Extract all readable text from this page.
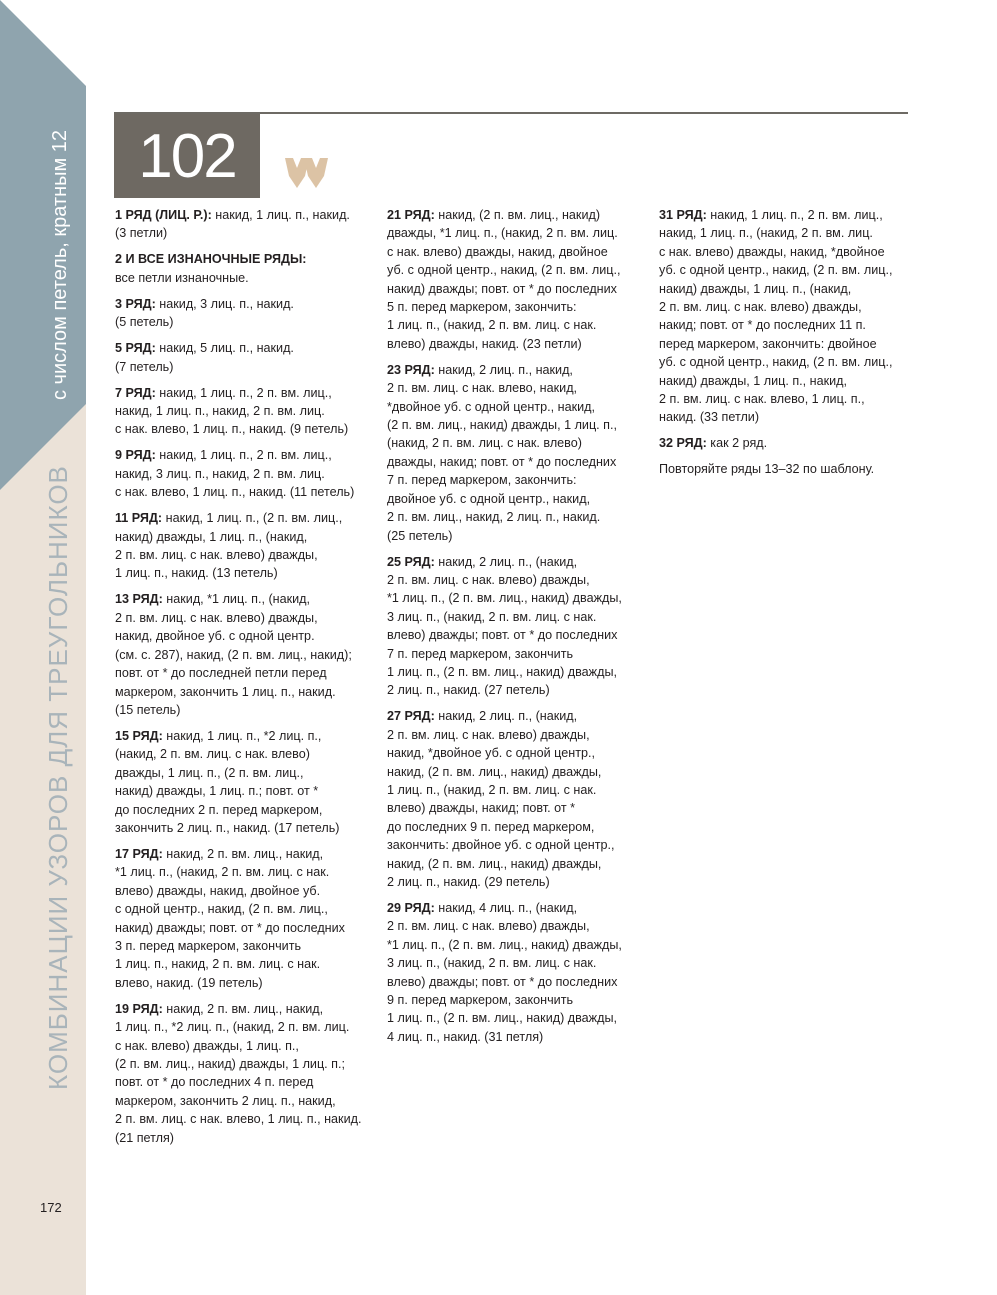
с числом петель, кратным 12
КОМБИНАЦИИ УЗОРОВ ДЛЯ ТРЕУГОЛЬНИКОВ
102

1 РЯД (ЛИЦ. Р.): накид, 1 лиц. п., накид.
(3 петли)

2 И ВСЕ ИЗНАНОЧНЫЕ РЯДЫ:
все петли изнаночные.

3 РЯД: накид, 3 лиц. п., накид.
(5 петель)

5 РЯД: накид, 5 лиц. п., накид.
(7 петель)

7 РЯД: накид, 1 лиц. п., 2 п. вм. лиц.,
накид, 1 лиц. п., накид, 2 п. вм. лиц.
с нак. влево, 1 лиц. п., накид. (9 петель)

9 РЯД: накид, 1 лиц. п., 2 п. вм. лиц.,
накид, 3 лиц. п., накид, 2 п. вм. лиц.
с нак. влево, 1 лиц. п., накид. (11 петель)

11 РЯД: накид, 1 лиц. п., (2 п. вм. лиц.,
накид) дважды, 1 лиц. п., (накид,
2 п. вм. лиц. с нак. влево) дважды,
1 лиц. п., накид. (13 петель)

13 РЯД: накид, *1 лиц. п., (накид,
2 п. вм. лиц. с нак. влево) дважды,
накид, двойное уб. с одной центр.
(см. с. 287), накид, (2 п. вм. лиц., накид);
повт. от * до последней петли перед
маркером, закончить 1 лиц. п., накид.
(15 петель)

15 РЯД: накид, 1 лиц. п., *2 лиц. п.,
(накид, 2 п. вм. лиц. с нак. влево)
дважды, 1 лиц. п., (2 п. вм. лиц.,
накид) дважды, 1 лиц. п.; повт. от *
до последних 2 п. перед маркером,
закончить 2 лиц. п., накид. (17 петель)

17 РЯД: накид, 2 п. вм. лиц., накид,
*1 лиц. п., (накид, 2 п. вм. лиц. с нак.
влево) дважды, накид, двойное уб.
с одной центр., накид, (2 п. вм. лиц.,
накид) дважды; повт. от * до последних
3 п. перед маркером, закончить
1 лиц. п., накид, 2 п. вм. лиц. с нак.
влево, накид. (19 петель)

19 РЯД: накид, 2 п. вм. лиц., накид,
1 лиц. п., *2 лиц. п., (накид, 2 п. вм. лиц.
с нак. влево) дважды, 1 лиц. п.,
(2 п. вм. лиц., накид) дважды, 1 лиц. п.;
повт. от * до последних 4 п. перед
маркером, закончить 2 лиц. п., накид,
2 п. вм. лиц. с нак. влево, 1 лиц. п., накид.
(21 петля)

21 РЯД: накид, (2 п. вм. лиц., накид)
дважды, *1 лиц. п., (накид, 2 п. вм. лиц.
с нак. влево) дважды, накид, двойное
уб. с одной центр., накид, (2 п. вм. лиц.,
накид) дважды; повт. от * до последних
5 п. перед маркером, закончить:
1 лиц. п., (накид, 2 п. вм. лиц. с нак.
влево) дважды, накид. (23 петли)

23 РЯД: накид, 2 лиц. п., накид,
2 п. вм. лиц. с нак. влево, накид,
*двойное уб. с одной центр., накид,
(2 п. вм. лиц., накид) дважды, 1 лиц. п.,
(накид, 2 п. вм. лиц. с нак. влево)
дважды, накид; повт. от * до последних
7 п. перед маркером, закончить:
двойное уб. с одной центр., накид,
2 п. вм. лиц., накид, 2 лиц. п., накид.
(25 петель)

25 РЯД: накид, 2 лиц. п., (накид,
2 п. вм. лиц. с нак. влево) дважды,
*1 лиц. п., (2 п. вм. лиц., накид) дважды,
3 лиц. п., (накид, 2 п. вм. лиц. с нак.
влево) дважды; повт. от * до последних
7 п. перед маркером, закончить
1 лиц. п., (2 п. вм. лиц., накид) дважды,
2 лиц. п., накид. (27 петель)

27 РЯД: накид, 2 лиц. п., (накид,
2 п. вм. лиц. с нак. влево) дважды,
накид, *двойное уб. с одной центр.,
накид, (2 п. вм. лиц., накид) дважды,
1 лиц. п., (накид, 2 п. вм. лиц. с нак.
влево) дважды, накид; повт. от *
до последних 9 п. перед маркером,
закончить: двойное уб. с одной центр.,
накид, (2 п. вм. лиц., накид) дважды,
2 лиц. п., накид. (29 петель)

29 РЯД: накид, 4 лиц. п., (накид,
2 п. вм. лиц. с нак. влево) дважды,
*1 лиц. п., (2 п. вм. лиц., накид) дважды,
3 лиц. п., (накид, 2 п. вм. лиц. с нак.
влево) дважды; повт. от * до последних
9 п. перед маркером, закончить
1 лиц. п., (2 п. вм. лиц., накид) дважды,
4 лиц. п., накид. (31 петля)

31 РЯД: накид, 1 лиц. п., 2 п. вм. лиц.,
накид, 1 лиц. п., (накид, 2 п. вм. лиц.
с нак. влево) дважды, накид, *двойное
уб. с одной центр., накид, (2 п. вм. лиц.,
накид) дважды, 1 лиц. п., (накид,
2 п. вм. лиц. с нак. влево) дважды,
накид; повт. от * до последних 11 п.
перед маркером, закончить: двойное
уб. с одной центр., накид, (2 п. вм. лиц.,
накид) дважды, 1 лиц. п., накид,
2 п. вм. лиц. с нак. влево, 1 лиц. п.,
накид. (33 петли)

32 РЯД: как 2 ряд.

Повторяйте ряды 13–32 по шаблону.

172
